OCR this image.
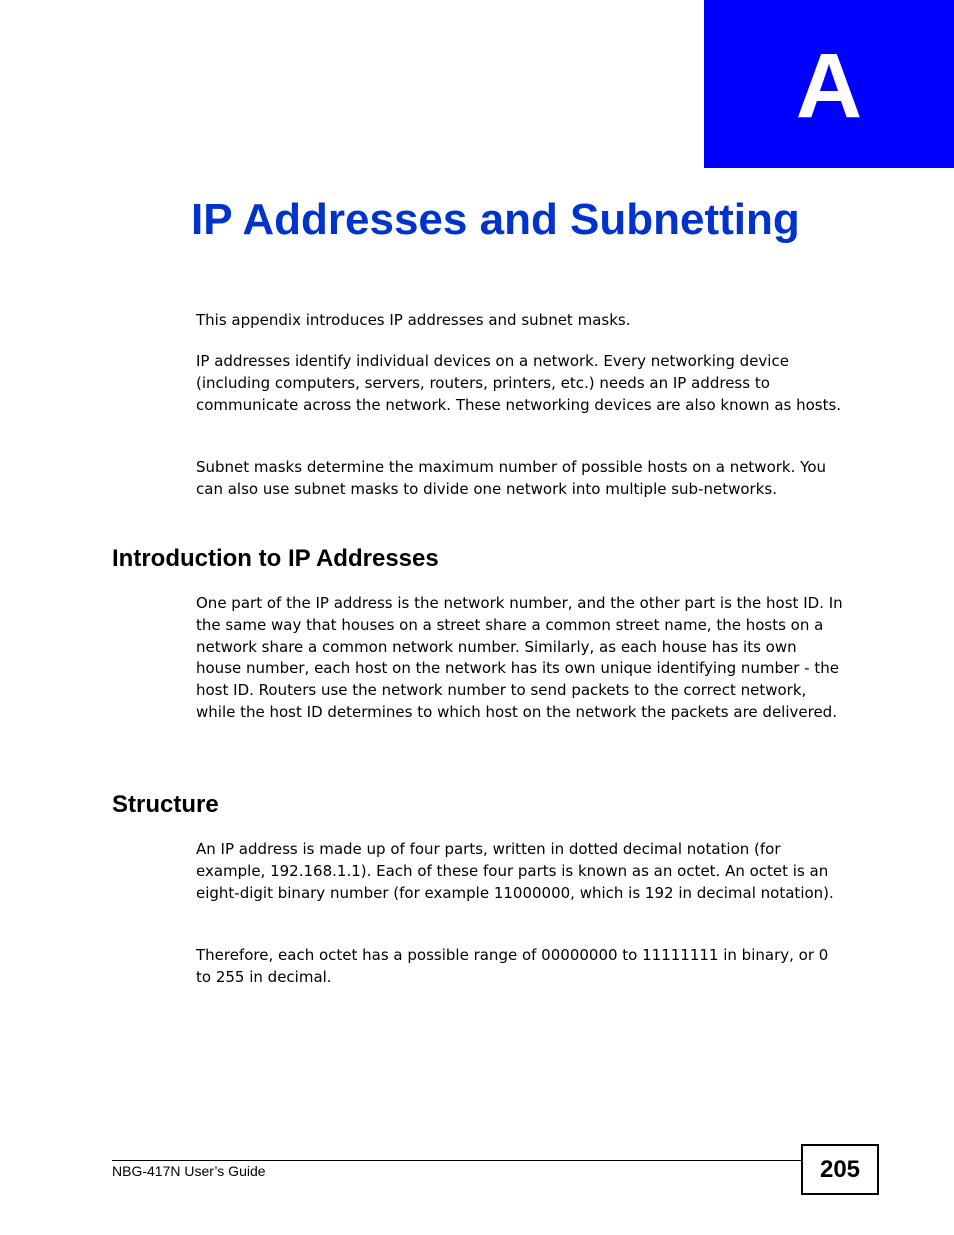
A
IP Addresses and Subnetting

This appendix introduces IP addresses and subnet masks.

IP addresses identify individual devices on a network. Every networking device (including computers, servers, routers, printers, etc.) needs an IP address to communicate across the network. These networking devices are also known as hosts.

Subnet masks determine the maximum number of possible hosts on a network. You can also use subnet masks to divide one network into multiple sub-networks.

Introduction to IP Addresses

One part of the IP address is the network number, and the other part is the host ID. In the same way that houses on a street share a common street name, the hosts on a network share a common network number. Similarly, as each house has its own house number, each host on the network has its own unique identifying number - the host ID. Routers use the network number to send packets to the correct network, while the host ID determines to which host on the network the packets are delivered.

Structure

An IP address is made up of four parts, written in dotted decimal notation (for example, 192.168.1.1). Each of these four parts is known as an octet. An octet is an eight-digit binary number (for example 11000000, which is 192 in decimal notation).

Therefore, each octet has a possible range of 00000000 to 11111111 in binary, or 0 to 255 in decimal.

NBG-417N User’s Guide	205
